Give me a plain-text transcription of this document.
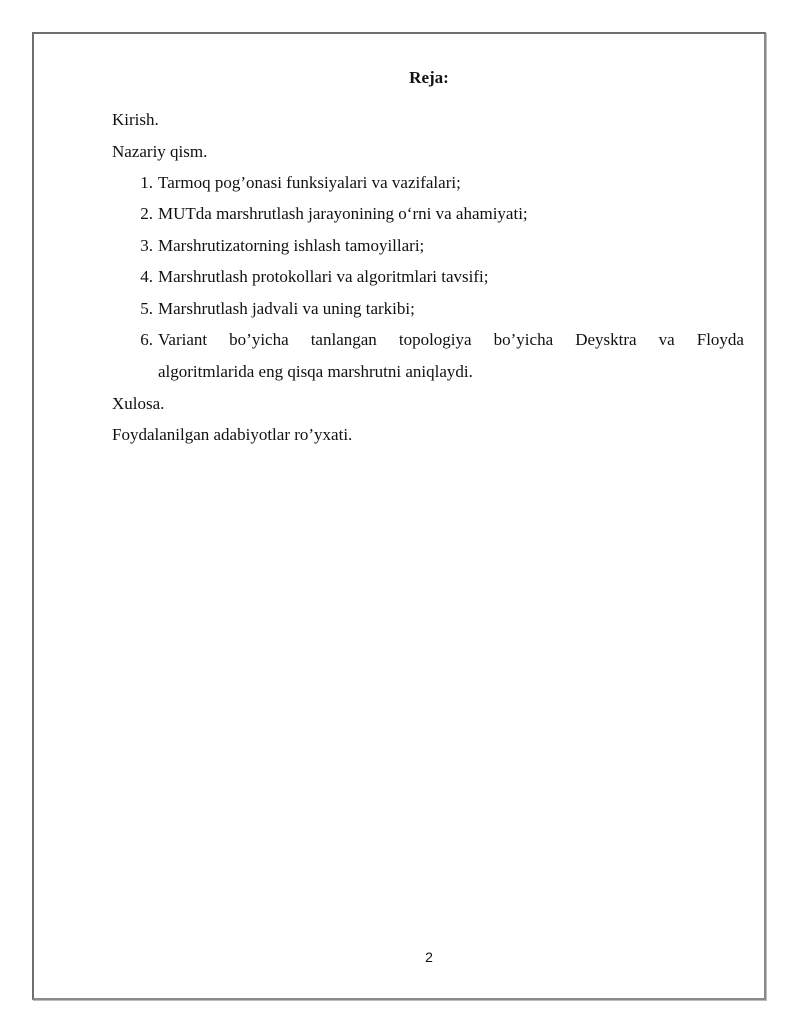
Reja:
Kirish.
Nazariy qism.
1. Tarmoq pog’onasi funksiyalari va vazifalari;
2. MUTda marshrutlash jarayonining o‘rni va ahamiyati;
3. Marshrutizatorning ishlash tamoyillari;
4. Marshrutlash protokollari va algoritmlari tavsifi;
5. Marshrutlash jadvali va uning tarkibi;
6. Variant bo’yicha tanlangan topologiya bo’yicha Deysktra va Floyda
algoritmlarida eng qisqa marshrutni aniqlaydi.
Xulosa.
Foydalanilgan adabiyotlar ro’yxati.
2
